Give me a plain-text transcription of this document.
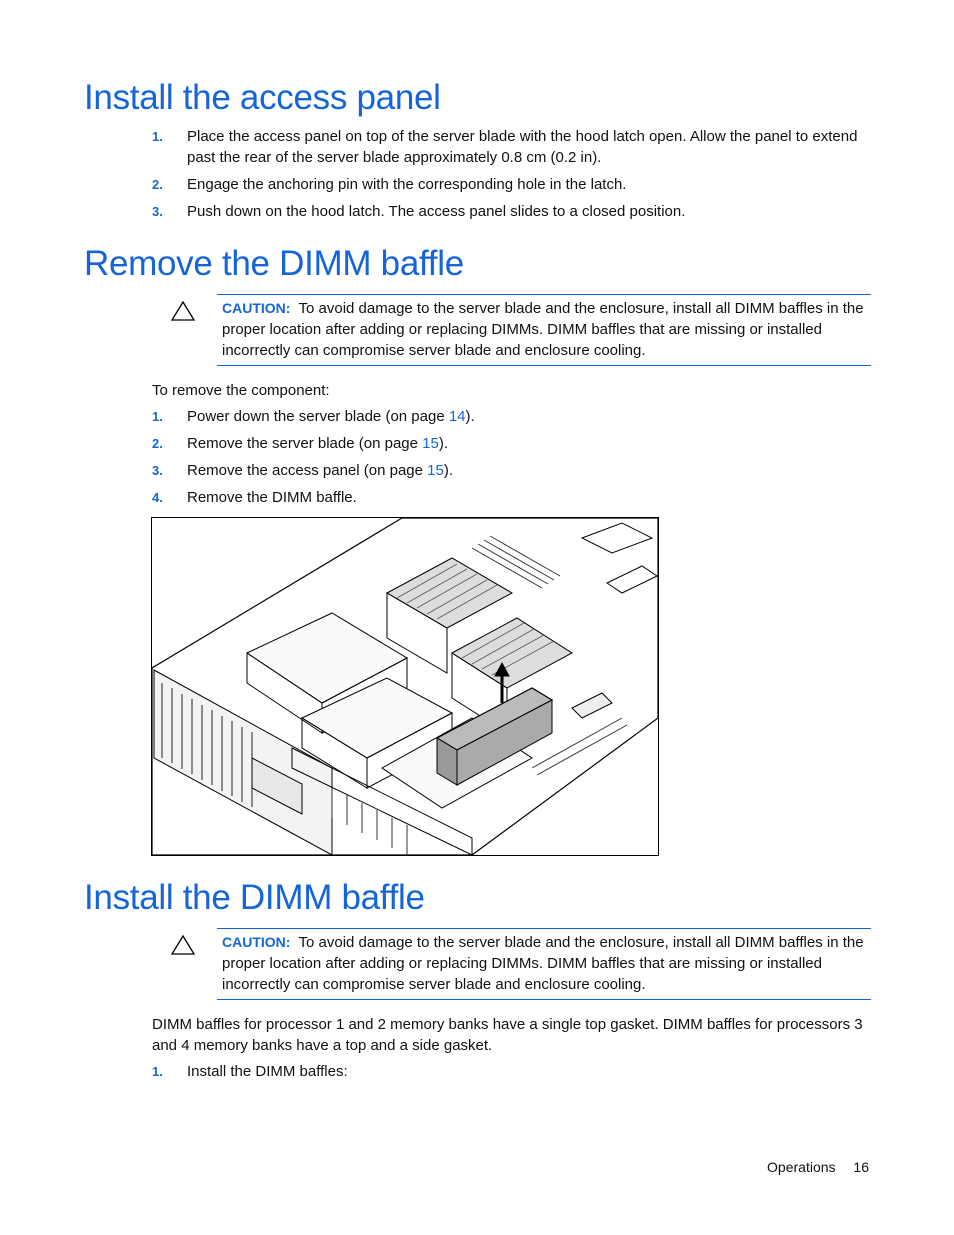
Install the access panel
1. Place the access panel on top of the server blade with the hood latch open. Allow the panel to extend past the rear of the server blade approximately 0.8 cm (0.2 in).
2. Engage the anchoring pin with the corresponding hole in the latch.
3. Push down on the hood latch. The access panel slides to a closed position.
Remove the DIMM baffle
CAUTION: To avoid damage to the server blade and the enclosure, install all DIMM baffles in the proper location after adding or replacing DIMMs. DIMM baffles that are missing or installed incorrectly can compromise server blade and enclosure cooling.
To remove the component:
1. Power down the server blade (on page 14).
2. Remove the server blade (on page 15).
3. Remove the access panel (on page 15).
4. Remove the DIMM baffle.
Install the DIMM baffle
CAUTION: To avoid damage to the server blade and the enclosure, install all DIMM baffles in the proper location after adding or replacing DIMMs. DIMM baffles that are missing or installed incorrectly can compromise server blade and enclosure cooling.
DIMM baffles for processor 1 and 2 memory banks have a single top gasket. DIMM baffles for processors 3 and 4 memory banks have a top and a side gasket.
1. Install the DIMM baffles:
Operations 16
